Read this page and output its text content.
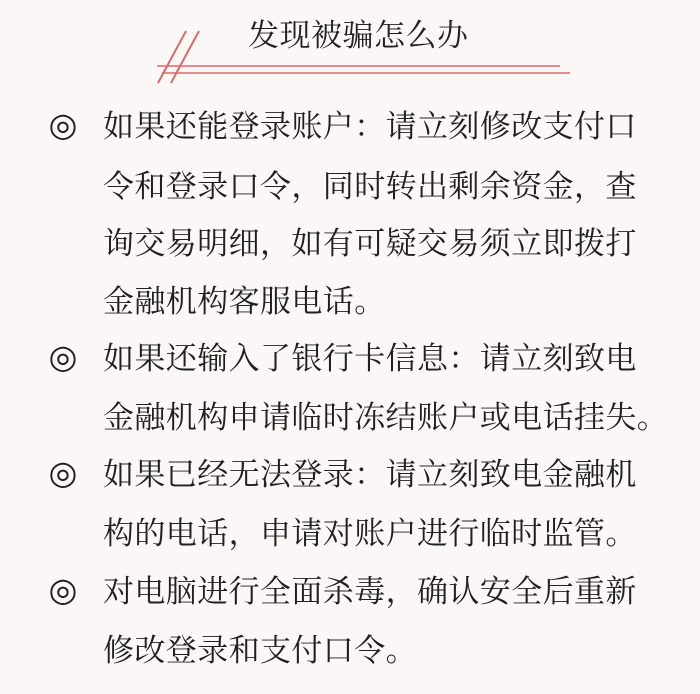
发现被骗怎么办
◎ 如果还能登录账户：请立刻修改支付口
令和登录口令，同时转出剩余资金，查
询交易明细，如有可疑交易须立即拨打
金融机构客服电话。
◎ 如果还输入了银行卡信息：请立刻致电
金融机构申请临时冻结账户或电话挂失。
◎ 如果已经无法登录：请立刻致电金融机
构的电话，申请对账户进行临时监管。
◎ 对电脑进行全面杀毒，确认安全后重新
修改登录和支付口令。
